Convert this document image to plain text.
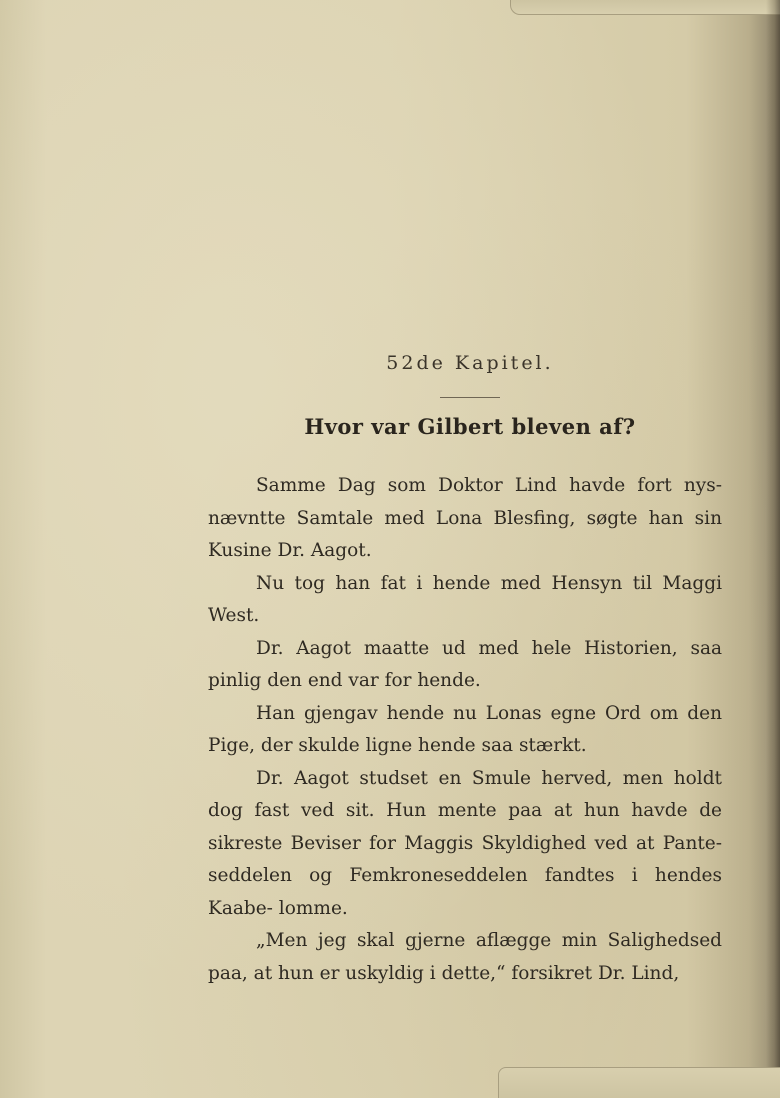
52de Kapitel.
Hvor var Gilbert bleven af?

Samme Dag som Doktor Lind havde fort nys- nævntte Samtale med Lona Blesfing, søgte han sin Kusine Dr. Aagot.

Nu tog han fat i hende med Hensyn til Maggi West.

Dr. Aagot maatte ud med hele Historien, saa pinlig den end var for hende.

Han gjengav hende nu Lonas egne Ord om den Pige, der skulde ligne hende saa stærkt.

Dr. Aagot studset en Smule herved, men holdt dog fast ved sit. Hun mente paa at hun havde de sikreste Beviser for Maggis Skyldighed ved at Pante- seddelen og Femkroneseddelen fandtes i hendes Kaabe- lomme.

„Men jeg skal gjerne aflægge min Salighedsed paa, at hun er uskyldig i dette,“ forsikret Dr. Lind,
